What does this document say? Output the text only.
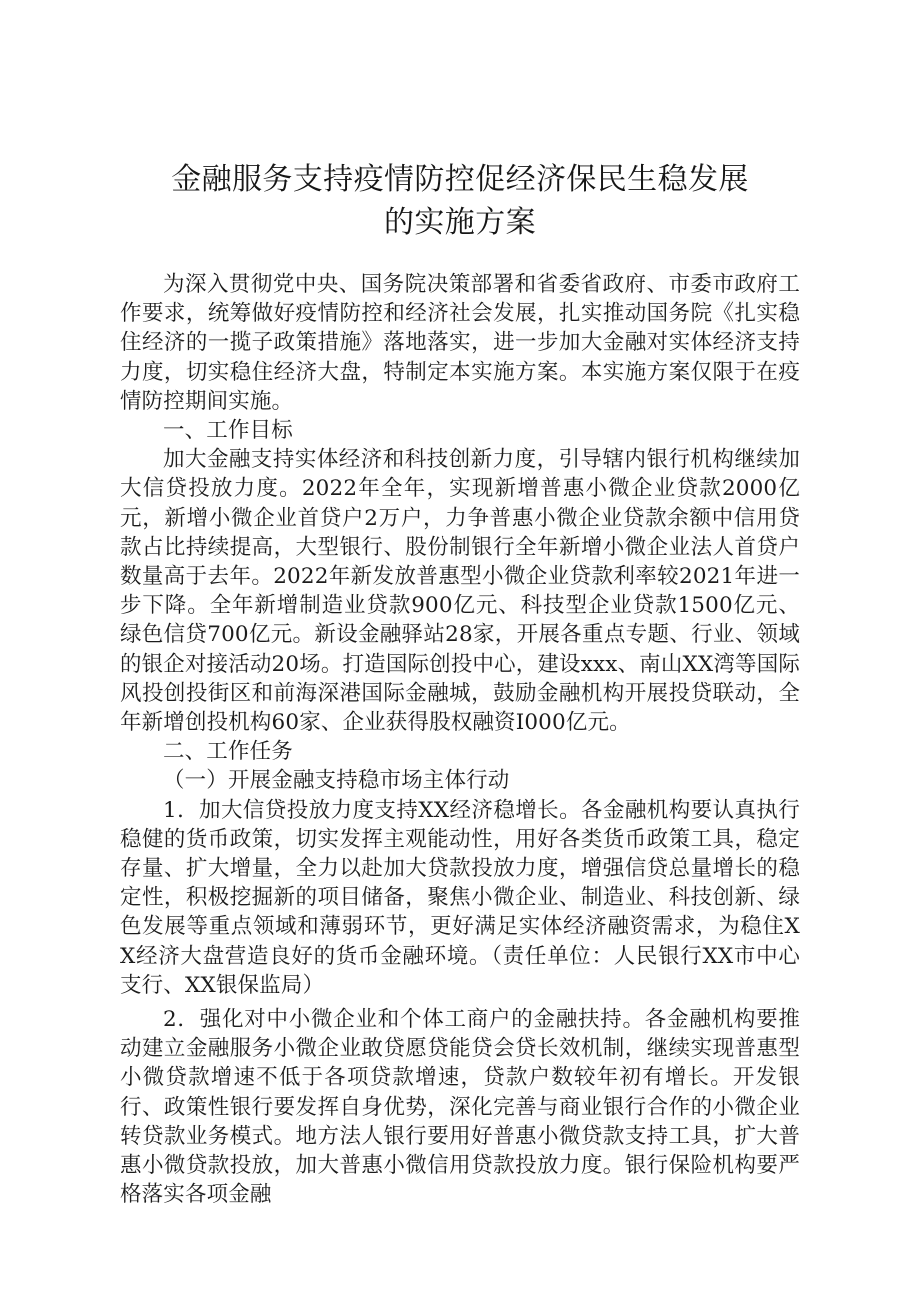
金融服务支持疫情防控促经济保民生稳发展
的实施方案

为深入贯彻党中央、国务院决策部署和省委省政府、市委市政府工作要求，统筹做好疫情防控和经济社会发展，扎实推动国务院《扎实稳住经济的一揽子政策措施》落地落实，进一步加大金融对实体经济支持力度，切实稳住经济大盘，特制定本实施方案。本实施方案仅限于在疫情防控期间实施。

一、工作目标

加大金融支持实体经济和科技创新力度，引导辖内银行机构继续加大信贷投放力度。2022年全年，实现新增普惠小微企业贷款2000亿元，新增小微企业首贷户2万户，力争普惠小微企业贷款余额中信用贷款占比持续提高，大型银行、股份制银行全年新增小微企业法人首贷户数量高于去年。2022年新发放普惠型小微企业贷款利率较2021年进一步下降。全年新增制造业贷款900亿元、科技型企业贷款1500亿元、绿色信贷700亿元。新设金融驿站28家，开展各重点专题、行业、领域的银企对接活动20场。打造国际创投中心，建设xxx、南山XX湾等国际风投创投街区和前海深港国际金融城，鼓励金融机构开展投贷联动，全年新增创投机构60家、企业获得股权融资I000亿元。

二、工作任务

（一）开展金融支持稳市场主体行动

1．加大信贷投放力度支持XX经济稳增长。各金融机构要认真执行稳健的货币政策，切实发挥主观能动性，用好各类货币政策工具，稳定存量、扩大增量，全力以赴加大贷款投放力度，增强信贷总量增长的稳定性，积极挖掘新的项目储备，聚焦小微企业、制造业、科技创新、绿色发展等重点领域和薄弱环节，更好满足实体经济融资需求，为稳住XX经济大盘营造良好的货币金融环境。（责任单位：人民银行XX市中心支行、XX银保监局）

2．强化对中小微企业和个体工商户的金融扶持。各金融机构要推动建立金融服务小微企业敢贷愿贷能贷会贷长效机制，继续实现普惠型小微贷款增速不低于各项贷款增速，贷款户数较年初有增长。开发银行、政策性银行要发挥自身优势，深化完善与商业银行合作的小微企业转贷款业务模式。地方法人银行要用好普惠小微贷款支持工具，扩大普惠小微贷款投放，加大普惠小微信用贷款投放力度。银行保险机构要严格落实各项金融
